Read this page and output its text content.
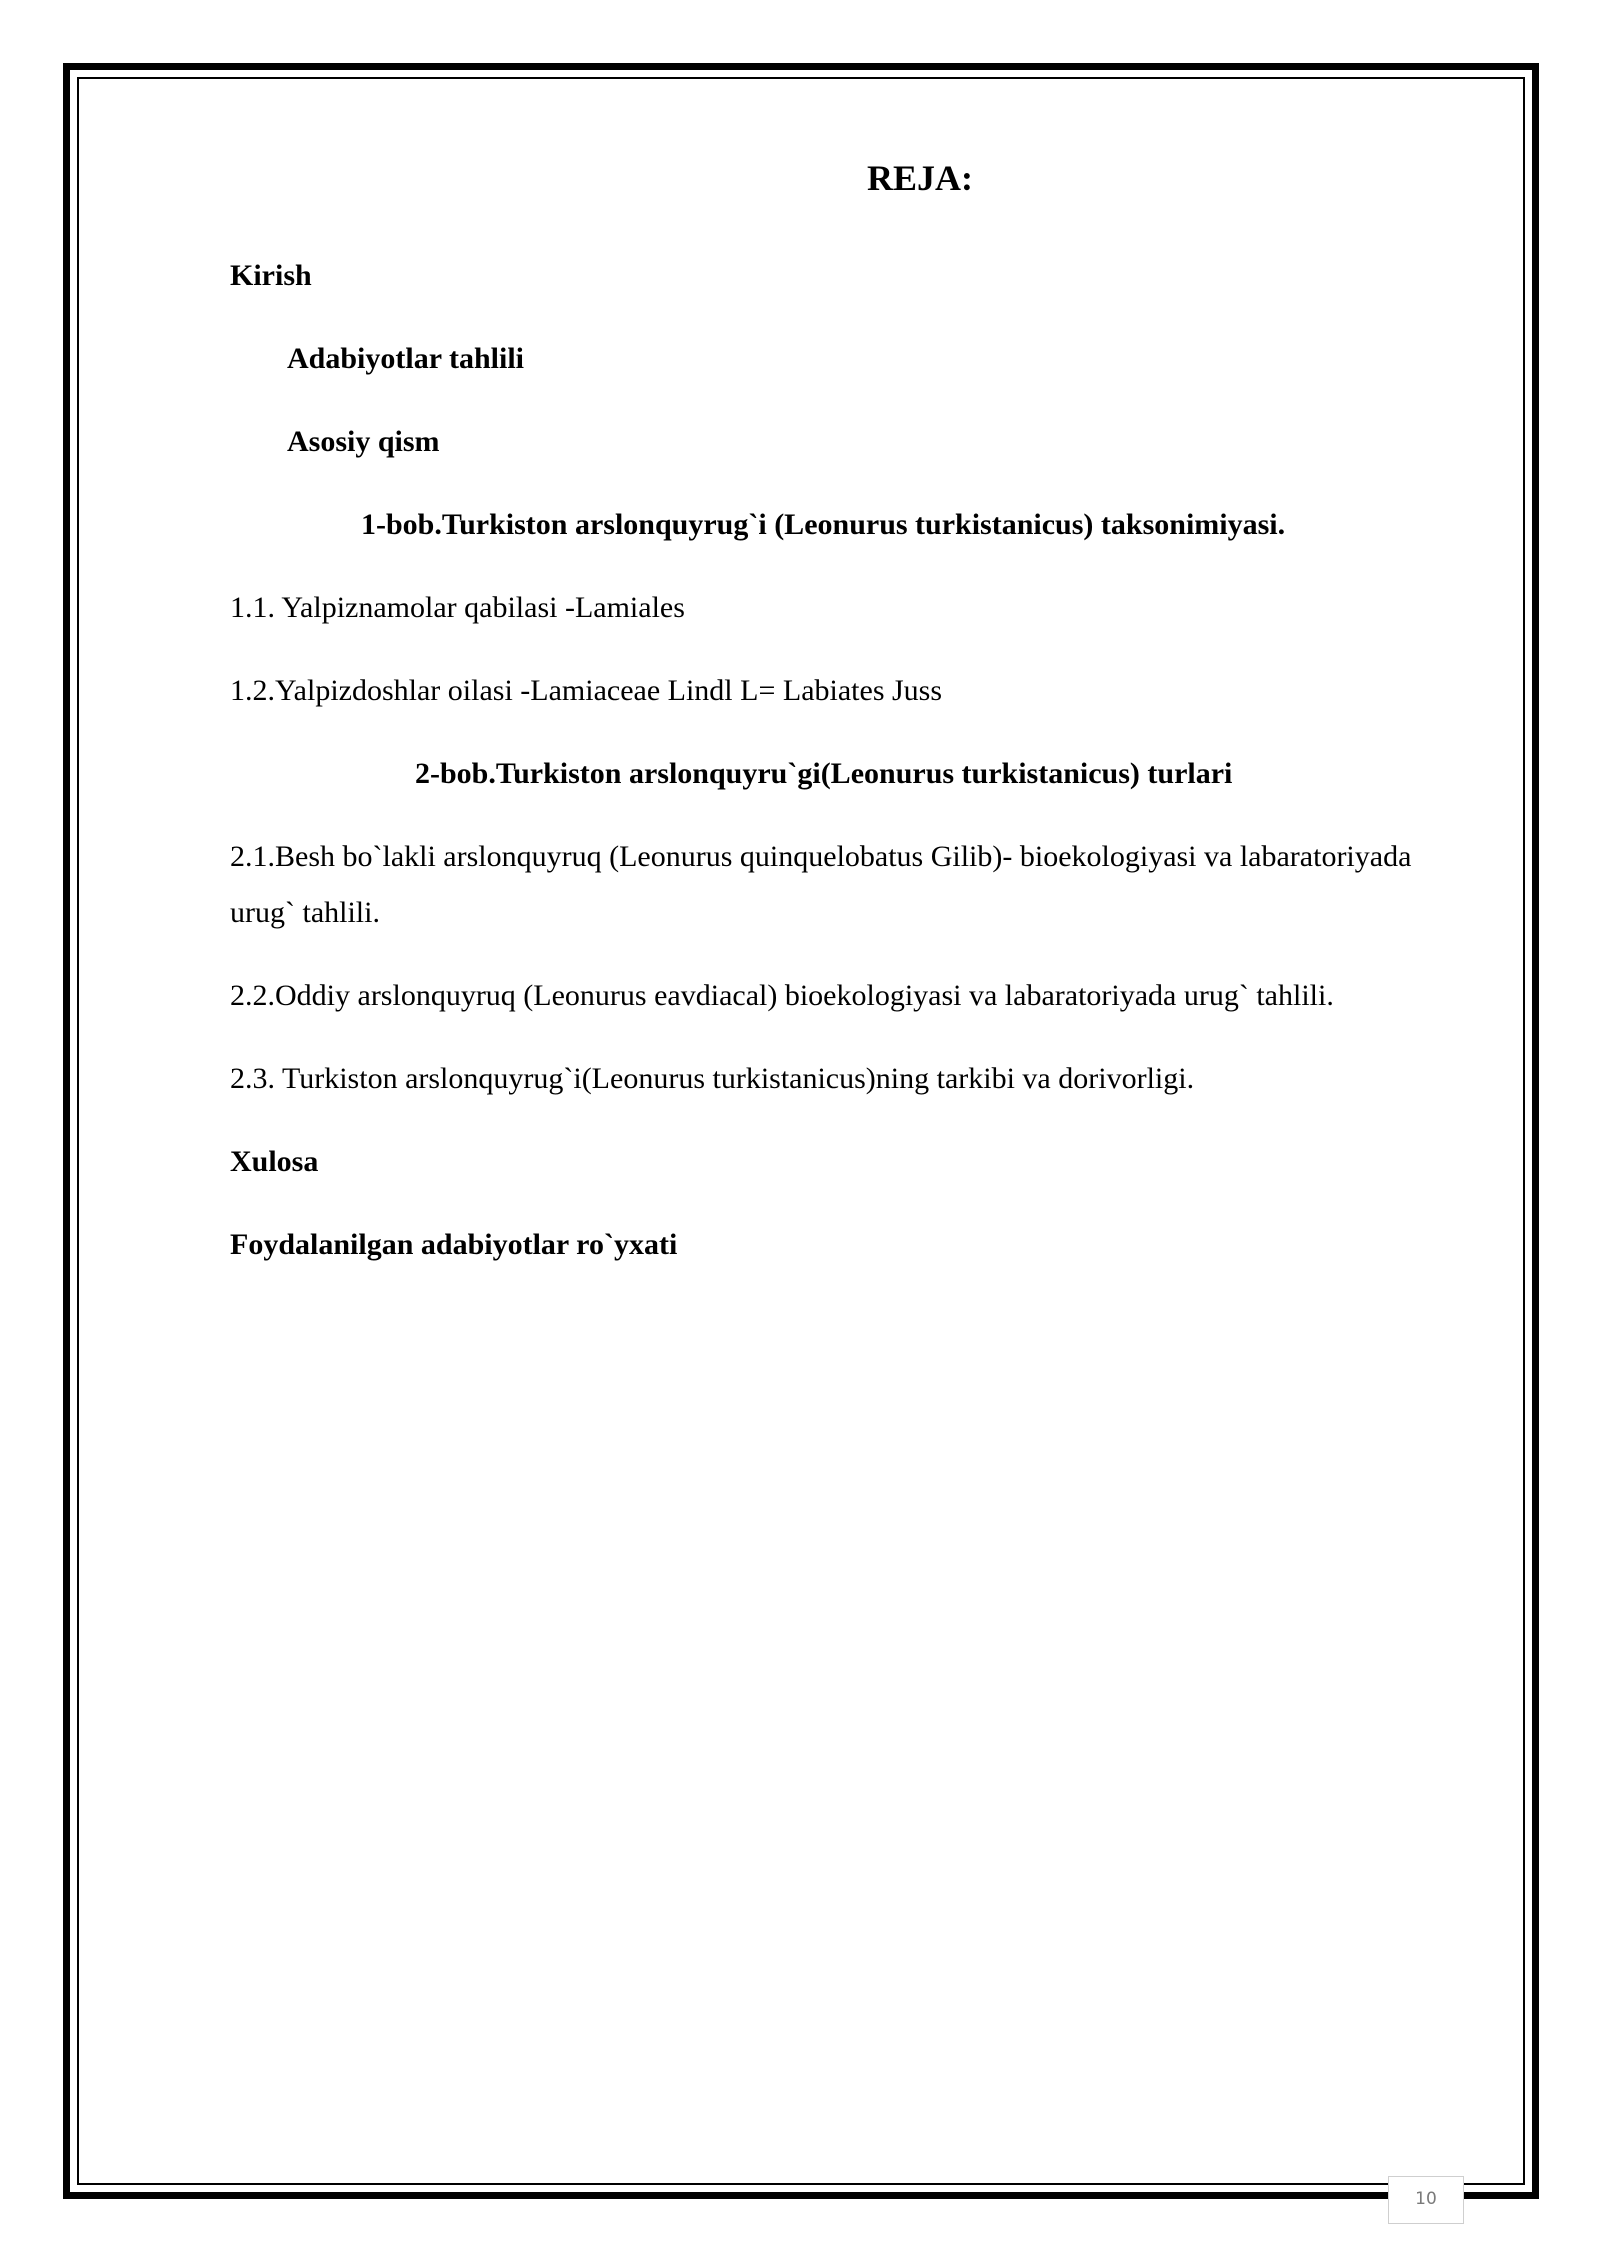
REJA:
Kirish
Adabiyotlar tahlili
Asosiy qism
1-bob.Turkiston arslonquyrug`i (Leonurus turkistanicus) taksonimiyasi.
1.1. Yalpiznamolar qabilasi -Lamiales
1.2.Yalpizdoshlar oilasi -Lamiaceae Lindl L= Labiates Juss
2-bob.Turkiston arslonquyru`gi(Leonurus turkistanicus) turlari
2.1.Besh bo`lakli arslonquyruq (Leonurus quinquelobatus Gilib)- bioekologiyasi va labaratoriyada urug` tahlili.
2.2.Oddiy arslonquyruq (Leonurus eavdiacal) bioekologiyasi va labaratoriyada urug` tahlili.
2.3. Turkiston arslonquyrug`i(Leonurus turkistanicus)ning tarkibi va dorivorligi.
Xulosa
Foydalanilgan adabiyotlar ro`yxati
10
